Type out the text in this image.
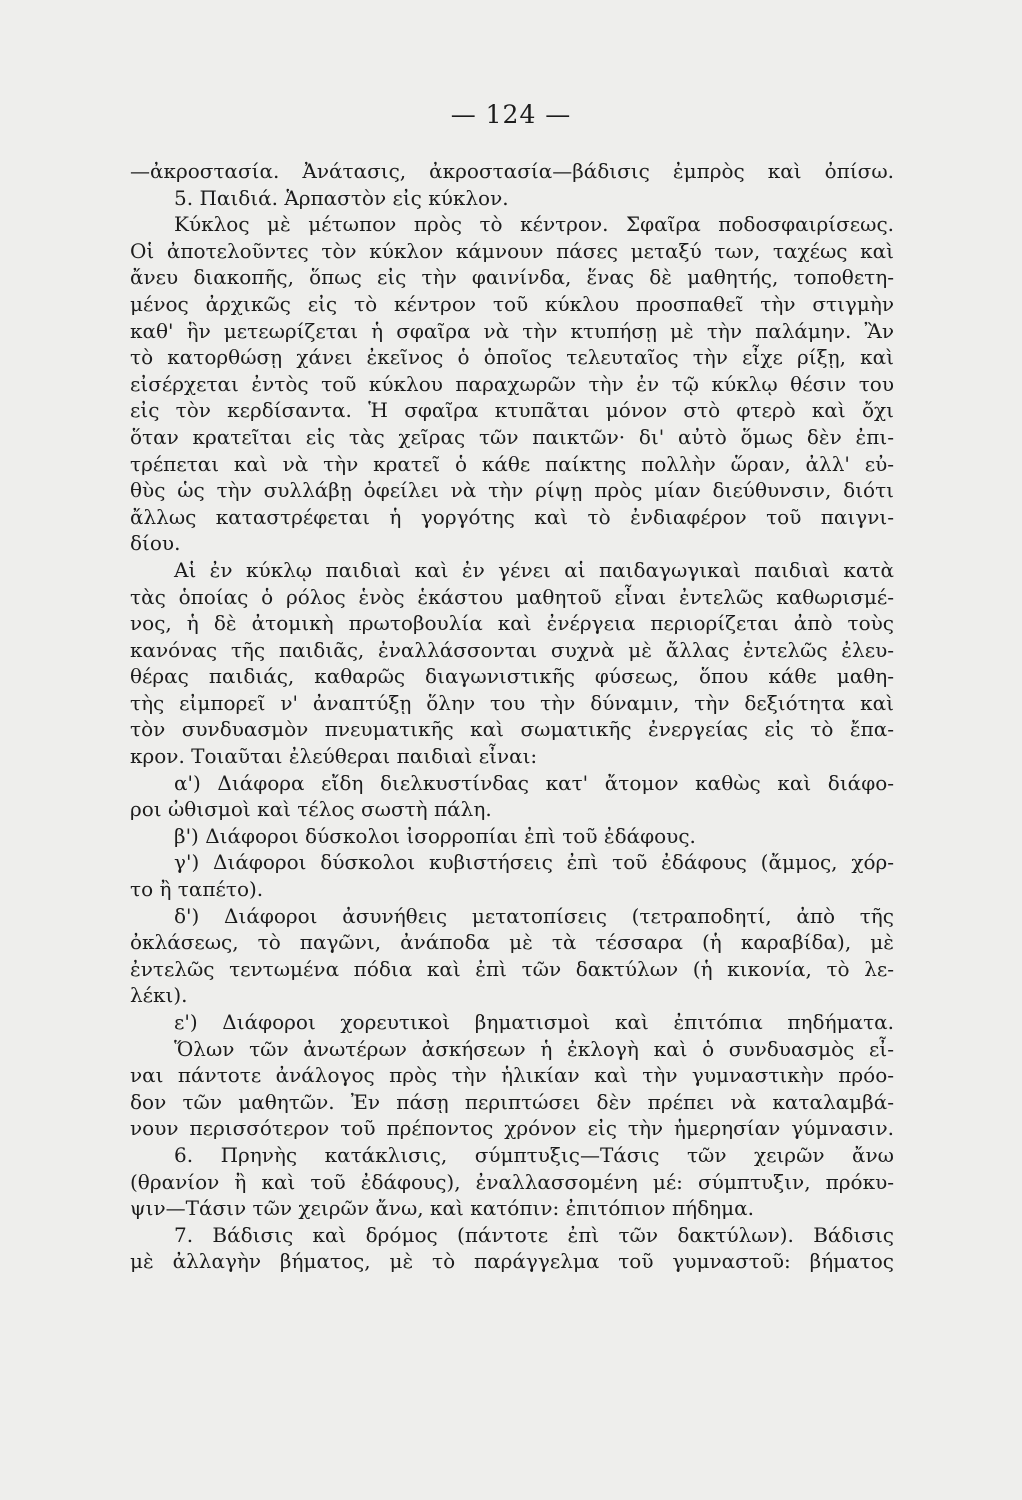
— 124 —
—ἀκροστασία. Ἀνάτασις, ἀκροστασία—βάδισις ἐμπρὸς καὶ ὀπίσω.
5. Παιδιά. Ἁρπαστὸν εἰς κύκλον.
Κύκλος μὲ μέτωπον πρὸς τὸ κέντρον. Σφαῖρα ποδοσφαιρίσεως.
Οἱ ἀποτελοῦντες τὸν κύκλον κάμνουν πάσες μεταξύ των, ταχέως καὶ
ἄνευ διακοπῆς, ὅπως εἰς τὴν φαινίνδα, ἕνας δὲ μαθητής, τοποθετη-
μένος ἀρχικῶς εἰς τὸ κέντρον τοῦ κύκλου προσπαθεῖ τὴν στιγμὴν
καθ' ἣν μετεωρίζεται ἡ σφαῖρα νὰ τὴν κτυπήσῃ μὲ τὴν παλάμην. Ἂν
τὸ κατορθώσῃ χάνει ἐκεῖνος ὁ ὁποῖος τελευταῖος τὴν εἶχε ρίξῃ, καὶ
εἰσέρχεται ἐντὸς τοῦ κύκλου παραχωρῶν τὴν ἐν τῷ κύκλῳ θέσιν του
εἰς τὸν κερδίσαντα. Ἡ σφαῖρα κτυπᾶται μόνον στὸ φτερὸ καὶ ὄχι
ὅταν κρατεῖται εἰς τὰς χεῖρας τῶν παικτῶν· δι' αὐτὸ ὅμως δὲν ἐπι-
τρέπεται καὶ νὰ τὴν κρατεῖ ὁ κάθε παίκτης πολλὴν ὥραν, ἀλλ' εὐ-
θὺς ὡς τὴν συλλάβῃ ὀφείλει νὰ τὴν ρίψῃ πρὸς μίαν διεύθυνσιν, διότι
ἄλλως καταστρέφεται ἡ γοργότης καὶ τὸ ἐνδιαφέρον τοῦ παιγνι-
δίου.
Αἱ ἐν κύκλῳ παιδιαὶ καὶ ἐν γένει αἱ παιδαγωγικαὶ παιδιαὶ κατὰ
τὰς ὁποίας ὁ ρόλος ἑνὸς ἑκάστου μαθητοῦ εἶναι ἐντελῶς καθωρισμέ-
νος, ἡ δὲ ἀτομικὴ πρωτοβουλία καὶ ἐνέργεια περιορίζεται ἀπὸ τοὺς
κανόνας τῆς παιδιᾶς, ἐναλλάσσονται συχνὰ μὲ ἄλλας ἐντελῶς ἐλευ-
θέρας παιδιάς, καθαρῶς διαγωνιστικῆς φύσεως, ὅπου κάθε μαθη-
τὴς εἰμπορεῖ ν' ἀναπτύξῃ ὅλην του τὴν δύναμιν, τὴν δεξιότητα καὶ
τὸν συνδυασμὸν πνευματικῆς καὶ σωματικῆς ἐνεργείας εἰς τὸ ἔπα-
κρον. Τοιαῦται ἐλεύθεραι παιδιαὶ εἶναι:
α') Διάφορα εἴδη διελκυστίνδας κατ' ἄτομον καθὼς καὶ διάφο-
ροι ὠθισμοὶ καὶ τέλος σωστὴ πάλη.
β') Διάφοροι δύσκολοι ἰσορροπίαι ἐπὶ τοῦ ἐδάφους.
γ') Διάφοροι δύσκολοι κυβιστήσεις ἐπὶ τοῦ ἐδάφους (ἄμμος, χόρ-
το ἢ ταπέτο).
δ') Διάφοροι ἀσυνήθεις μετατοπίσεις (τετραποδητί, ἀπὸ τῆς
ὀκλάσεως, τὸ παγῶνι, ἀνάποδα μὲ τὰ τέσσαρα (ἡ καραβίδα), μὲ
ἐντελῶς τεντωμένα πόδια καὶ ἐπὶ τῶν δακτύλων (ἡ κικονία, τὸ λε-
λέκι).
ε') Διάφοροι χορευτικοὶ βηματισμοὶ καὶ ἐπιτόπια πηδήματα.
Ὅλων τῶν ἀνωτέρων ἀσκήσεων ἡ ἐκλογὴ καὶ ὁ συνδυασμὸς εἶ-
ναι πάντοτε ἀνάλογος πρὸς τὴν ἡλικίαν καὶ τὴν γυμναστικὴν πρόο-
δον τῶν μαθητῶν. Ἐν πάσῃ περιπτώσει δὲν πρέπει νὰ καταλαμβά-
νουν περισσότερον τοῦ πρέποντος χρόνον εἰς τὴν ἡμερησίαν γύμνασιν.
6. Πρηνὴς κατάκλισις, σύμπτυξις—Τάσις τῶν χειρῶν ἄνω
(θρανίον ἢ καὶ τοῦ ἐδάφους), ἐναλλασσομένη μέ: σύμπτυξιν, πρόκυ-
ψιν—Τάσιν τῶν χειρῶν ἄνω, καὶ κατόπιν: ἐπιτόπιον πήδημα.
7. Βάδισις καὶ δρόμος (πάντοτε ἐπὶ τῶν δακτύλων). Βάδισις
μὲ ἀλλαγὴν βήματος, μὲ τὸ παράγγελμα τοῦ γυμναστοῦ: βήματος
